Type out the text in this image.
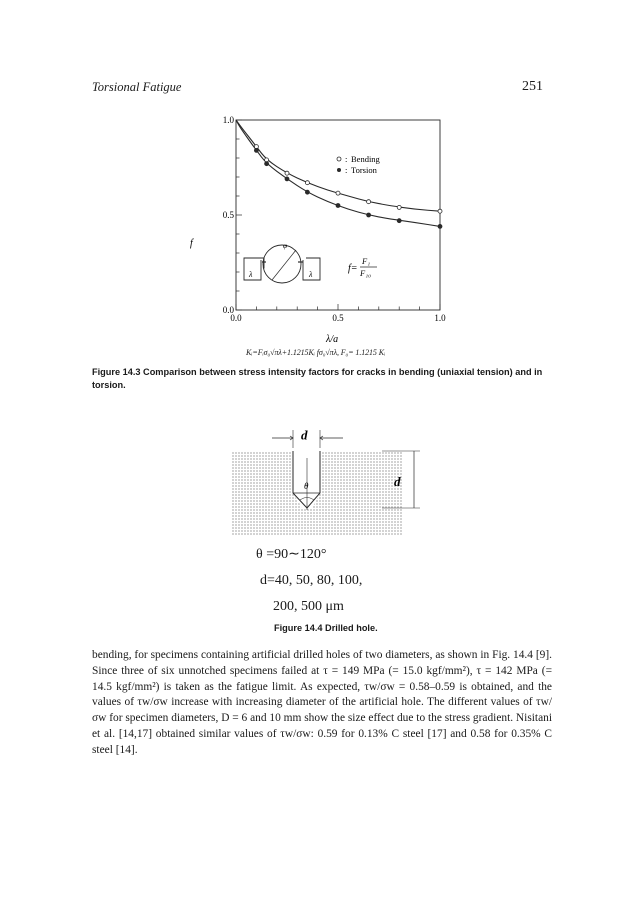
Torsional Fatigue	251
0.0	0.5	1.0
0.0
0.5
1.0
: Bending
: Torsion
f
λ/a
λ	λ
φ
f=
F₁
F₁₀
Kᵢ=Fᵢσ₀√πλ+1.1215Kᵢ fσ₀√πλ, F₀= 1.1215 Kᵢ
Figure 14.3 Comparison between stress intensity factors for cracks in bending (uniaxial tension) and in torsion.
θ
d
d
θ =90∼120°
d=40, 50, 80, 100,
200, 500 μm
Figure 14.4 Drilled hole.

bending, for specimens containing artificial drilled holes of two diameters, as shown in Fig. 14.4 [9]. Since three of six unnotched specimens failed at τ = 149 MPa (= 15.0 kgf/mm²), τ = 142 MPa (= 14.5 kgf/mm²) is taken as the fatigue limit. As expected, τw/σw = 0.58–0.59 is obtained, and the values of τw/σw increase with increasing diameter of the artificial hole. The different values of τw/σw for specimen diameters, D = 6 and 10 mm show the size effect due to the stress gradient. Nisitani et al. [14,17] obtained similar values of τw/σw: 0.59 for 0.13% C steel [17] and 0.58 for 0.35% C steel [14].
